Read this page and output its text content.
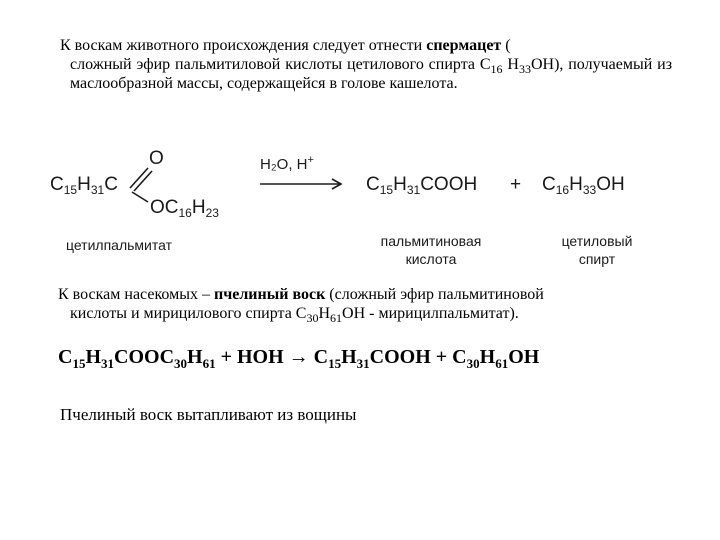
К воскам животного происхождения следует отнести спермацет (
сложный эфир пальмитиловой кислоты цетилового спирта $С_{16}$ $Н_{33}ОН$), получаемый из маслообразной массы, содержащейся в голове кашелота.
$C_{15}H_{31}C$
O
$OC_{16}H_{23}$
H₂O, H+
$C_{15}H_{31}COOH + C_{16}H_{33}OH$
цетилпальмитат	пальмитиновая
кислота
цетиловый
спирт
К воскам насекомых – пчелиный воск (сложный эфир пальмитиновой
кислоты и мирицилового спирта $С_{30}Н_{61}ОН$ - мирицилпальмитат).
$C_{15}H_{31}COOC_{30}H_{61}$ + HOH → $C_{15}H_{31}COOH + C_{30}H_{61}OH$
Пчелиный воск вытапливают из вощины
